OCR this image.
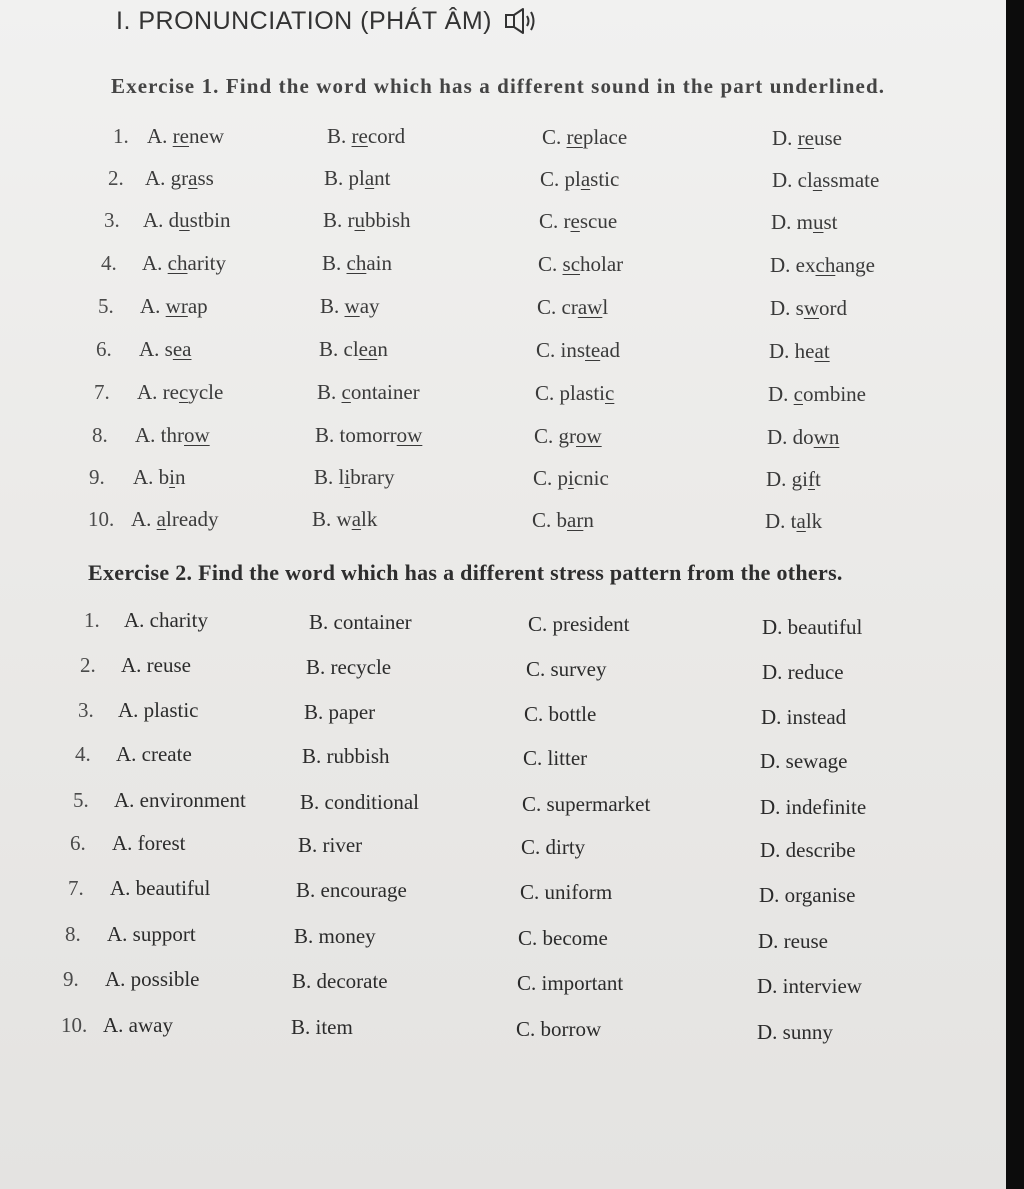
I. PRONUNCIATION (PHÁT ÂM)
Exercise 1. Find the word which has a different sound in the part underlined.
1. A. renew	B. record	C. replace	D. reuse
2. A. grass	B. plant	C. plastic	D. classmate
3. A. dustbin	B. rubbish	C. rescue	D. must
4. A. charity	B. chain	C. scholar	D. exchange
5. A. wrap	B. way	C. crawl	D. sword
6. A. sea	B. clean	C. instead	D. heat
7. A. recycle	B. container	C. plastic	D. combine
8. A. throw	B. tomorrow	C. grow	D. down
9. A. bin	B. library	C. picnic	D. gift
10. A. already	B. walk	C. barn	D. talk
Exercise 2. Find the word which has a different stress pattern from the others.
1. A. charity	B. container	C. president	D. beautiful
2. A. reuse	B. recycle	C. survey	D. reduce
3. A. plastic	B. paper	C. bottle	D. instead
4. A. create	B. rubbish	C. litter	D. sewage
5. A. environment	B. conditional	C. supermarket	D. indefinite
6. A. forest	B. river	C. dirty	D. describe
7. A. beautiful	B. encourage	C. uniform	D. organise
8. A. support	B. money	C. become	D. reuse
9. A. possible	B. decorate	C. important	D. interview
10. A. away	B. item	C. borrow	D. sunny
